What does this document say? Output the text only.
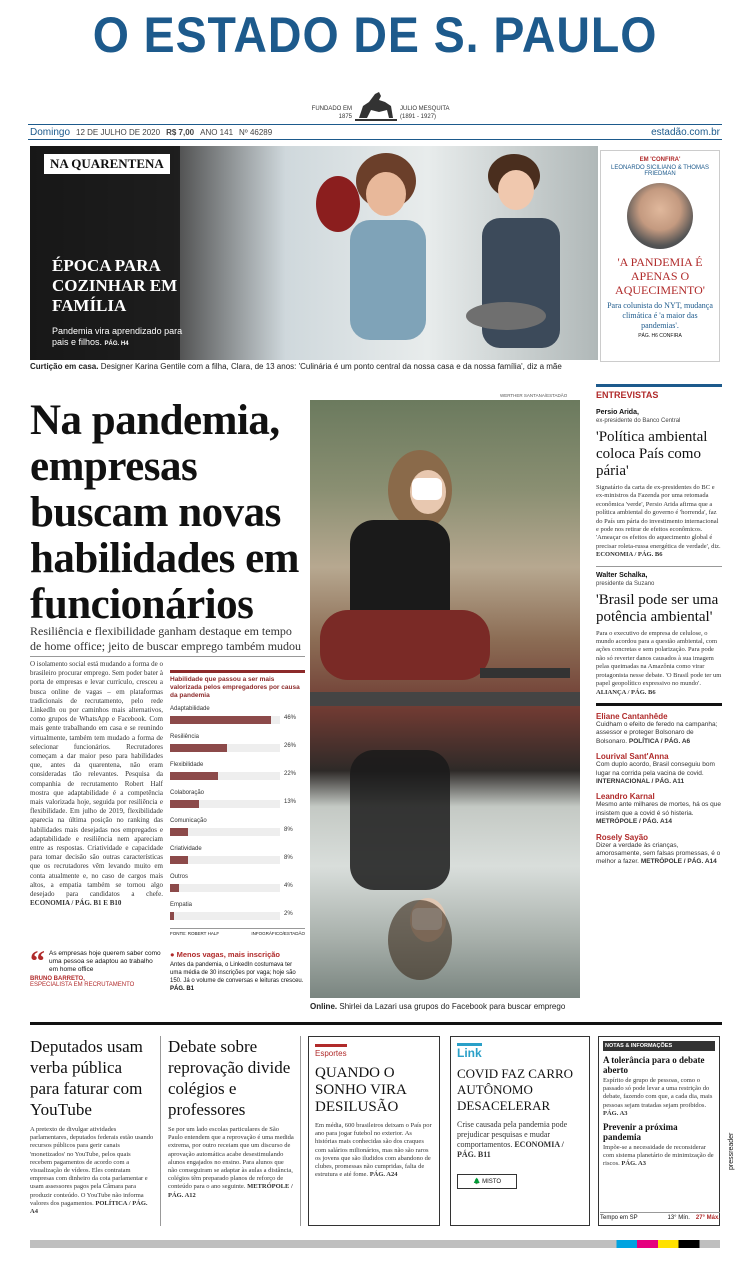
O ESTADO DE S. PAULO
FUNDADO EM
1875
JULIO MESQUITA
(1891 - 1927)
Domingo 12 DE JULHO DE 2020 R$ 7,00 ANO 141 Nº 46289	estadão.com.br
NA QUARENTENA
ÉPOCA PARA COZINHAR EM FAMÍLIA
Pandemia vira aprendizado para pais e filhos. PÁG. H4
Curtição em casa. Designer Karina Gentile com a filha, Clara, de 13 anos: 'Culinária é um ponto central da nossa casa e da nossa família', diz a mãe
EM 'CONFIRA'
LEONARDO SICILIANO & THOMAS FRIEDMAN
'A PANDEMIA É APENAS O AQUECIMENTO'
Para colunista do NYT, mudança climática é 'a maior das pandemias'.
PÁG. H6 CONFIRA
Na pandemia, empresas buscam novas habilidades em funcionários
Resiliência e flexibilidade ganham destaque em tempo de home office; jeito de buscar emprego também mudou
O isolamento social está mudando a forma de o brasileiro procurar emprego. Sem poder bater à porta de empresas e levar currículo, cresceu a busca online de vagas – em plataformas tradicionais de recrutamento, pelo rede LinkedIn ou por caminhos mais alternativos, como grupos de WhatsApp e Facebook. Com mais gente trabalhando em casa e se reunindo virtualmente, também tem mudado a forma de selecionar funcionários. Recrutadores começam a dar maior peso para habilidades que, antes da quarentena, não eram consideradas tão relevantes. Pesquisa da companhia de recrutamento Robert Half mostra que adaptabilidade é a competência mais valorizada hoje, seguida por resiliência e flexibilidade. Em julho de 2019, flexibilidade aparecia na última posição no ranking das habilidades mais desejadas nos empregados e adaptabilidade e resiliência nem apareciam entre as respostas. Criatividade e capacidade para tomar decisão são outras características que os recrutadores vêm levando muito em conta atualmente e, no caso de cargos mais altos, a empatia também se tornou algo desejado para candidatos a chefe. ECONOMIA / PÁG. B1 E B10
Habilidade que passou a ser mais valorizada pelos empregadores por causa da pandemia
Adaptabilidade
46%
Resiliência
26%
Flexibilidade
22%
Colaboração
13%
Comunicação
8%
Criatividade
8%
Outros
4%
Empatia
2%
FONTE: ROBERT HALF	INFOGRÁFICO/ESTADÃO
“ As empresas hoje querem saber como uma pessoa se adaptou ao trabalho em home office
BRUNO BARRETO,
ESPECIALISTA EM RECRUTAMENTO
● Menos vagas, mais inscrição
Antes da pandemia, o LinkedIn costumava ter uma média de 30 inscrições por vaga; hoje são 150. Já o volume de conversas e leituras cresceu. PÁG. B1
WERTHER SANTANA/ESTADÃO
Online. Shirlei da Lazari usa grupos do Facebook para buscar emprego
ENTREVISTAS
Persio Arida,
ex-presidente do Banco Central
'Política ambiental coloca País como pária'
Signatário da carta de ex-presidentes do BC e ex-ministros da Fazenda por uma retomada econômica 'verde', Persio Arida afirma que a política ambiental do governo é 'horrenda', faz do País um pária do investimento internacional e pode nos retirar de efeitos econômicos. 'Ameaçar os efeitos do aquecimento global é precisar roleta-russa energética de verdade', diz. ECONOMIA / PÁG. B6
Walter Schalka,
presidente da Suzano
'Brasil pode ser uma potência ambiental'
Para o executivo de empresa de celulose, o mundo acordou para a questão ambiental, com ações concretas e sem polarização. Para pode não só reverter danos causados à sua imagem pelas queimadas na Amazônia como virar protagonista nesse debate. 'O Brasil pode ter um papel geopolítico expressivo no mundo'. ALIANÇA / PÁG. B6
Eliane Cantanhêde
Cuidham o efeito de feredo na campanha; assessor e proteger Bolsonaro de Bolsonaro. POLÍTICA / PÁG. A6
Lourival Sant'Anna
Com duplo acordo, Brasil conseguiu bom lugar na corrida pela vacina de covid. INTERNACIONAL / PÁG. A11
Leandro Karnal
Mesmo ante milhares de mortes, há os que insistem que a covid é só histeria. METRÓPOLE / PÁG. A14
Rosely Sayão
Dizer a verdade às crianças, amorosamente, sem falsas promessas, é o melhor a fazer. METRÓPOLE / PÁG. A14
Deputados usam verba pública para faturar com YouTube
A pretexto de divulgar atividades parlamentares, deputados federais estão usando recursos públicos para gerir canais 'monetizados' no YouTube, pelos quais recebem pagamentos de acordo com a visualização de vídeos. Eles contratam empresas com dinheiro da cota parlamentar e usam assessores pagos pela Câmara para produzir conteúdo. O YouTube não informa valores dos pagamentos. POLÍTICA / PÁG. A4
Debate sobre reprovação divide colégios e professores
Se por um lado escolas particulares de São Paulo entendem que a reprovação é uma medida extrema, por outro receiam que um discurso de aprovação automática acabe desestimulando alunos engajados no ensino. Para alunos que não conseguiram se adaptar às aulas a distância, colégios têm preparado planos de reforço de conteúdo para o ano seguinte. METRÓPOLE / PÁG. A12
Esportes
QUANDO O SONHO VIRA DESILUSÃO
Em média, 600 brasileiros deixam o País por ano para jogar futebol no exterior. As histórias mais conhecidas são dos craques com salários milionários, mas não são raros os jovens que são iludidos com abandono de clubes, promessas não cumpridas, falta de estrutura e até fome. PÁG. A24
Link
COVID FAZ CARRO AUTÔNOMO DESACELERAR
Crise causada pela pandemia pode prejudicar pesquisas e mudar comportamentos. ECONOMIA / PÁG. B11
🌲 MISTO
NOTAS & INFORMAÇÕES
A tolerância para o debate aberto
Espírito de grupo de pessoas, como o passado só pode levar a uma restrição do debate, fazendo com que, a cada dia, mais pessoas sejam tratadas sejam proibidos. PÁG. A3
Prevenir a próxima pandemia
Impõe-se a necessidade de reconsiderar com sistema planetário de minimização de riscos. PÁG. A3
Tempo em SP	13° Mín. 27° Máx.
pressreader
